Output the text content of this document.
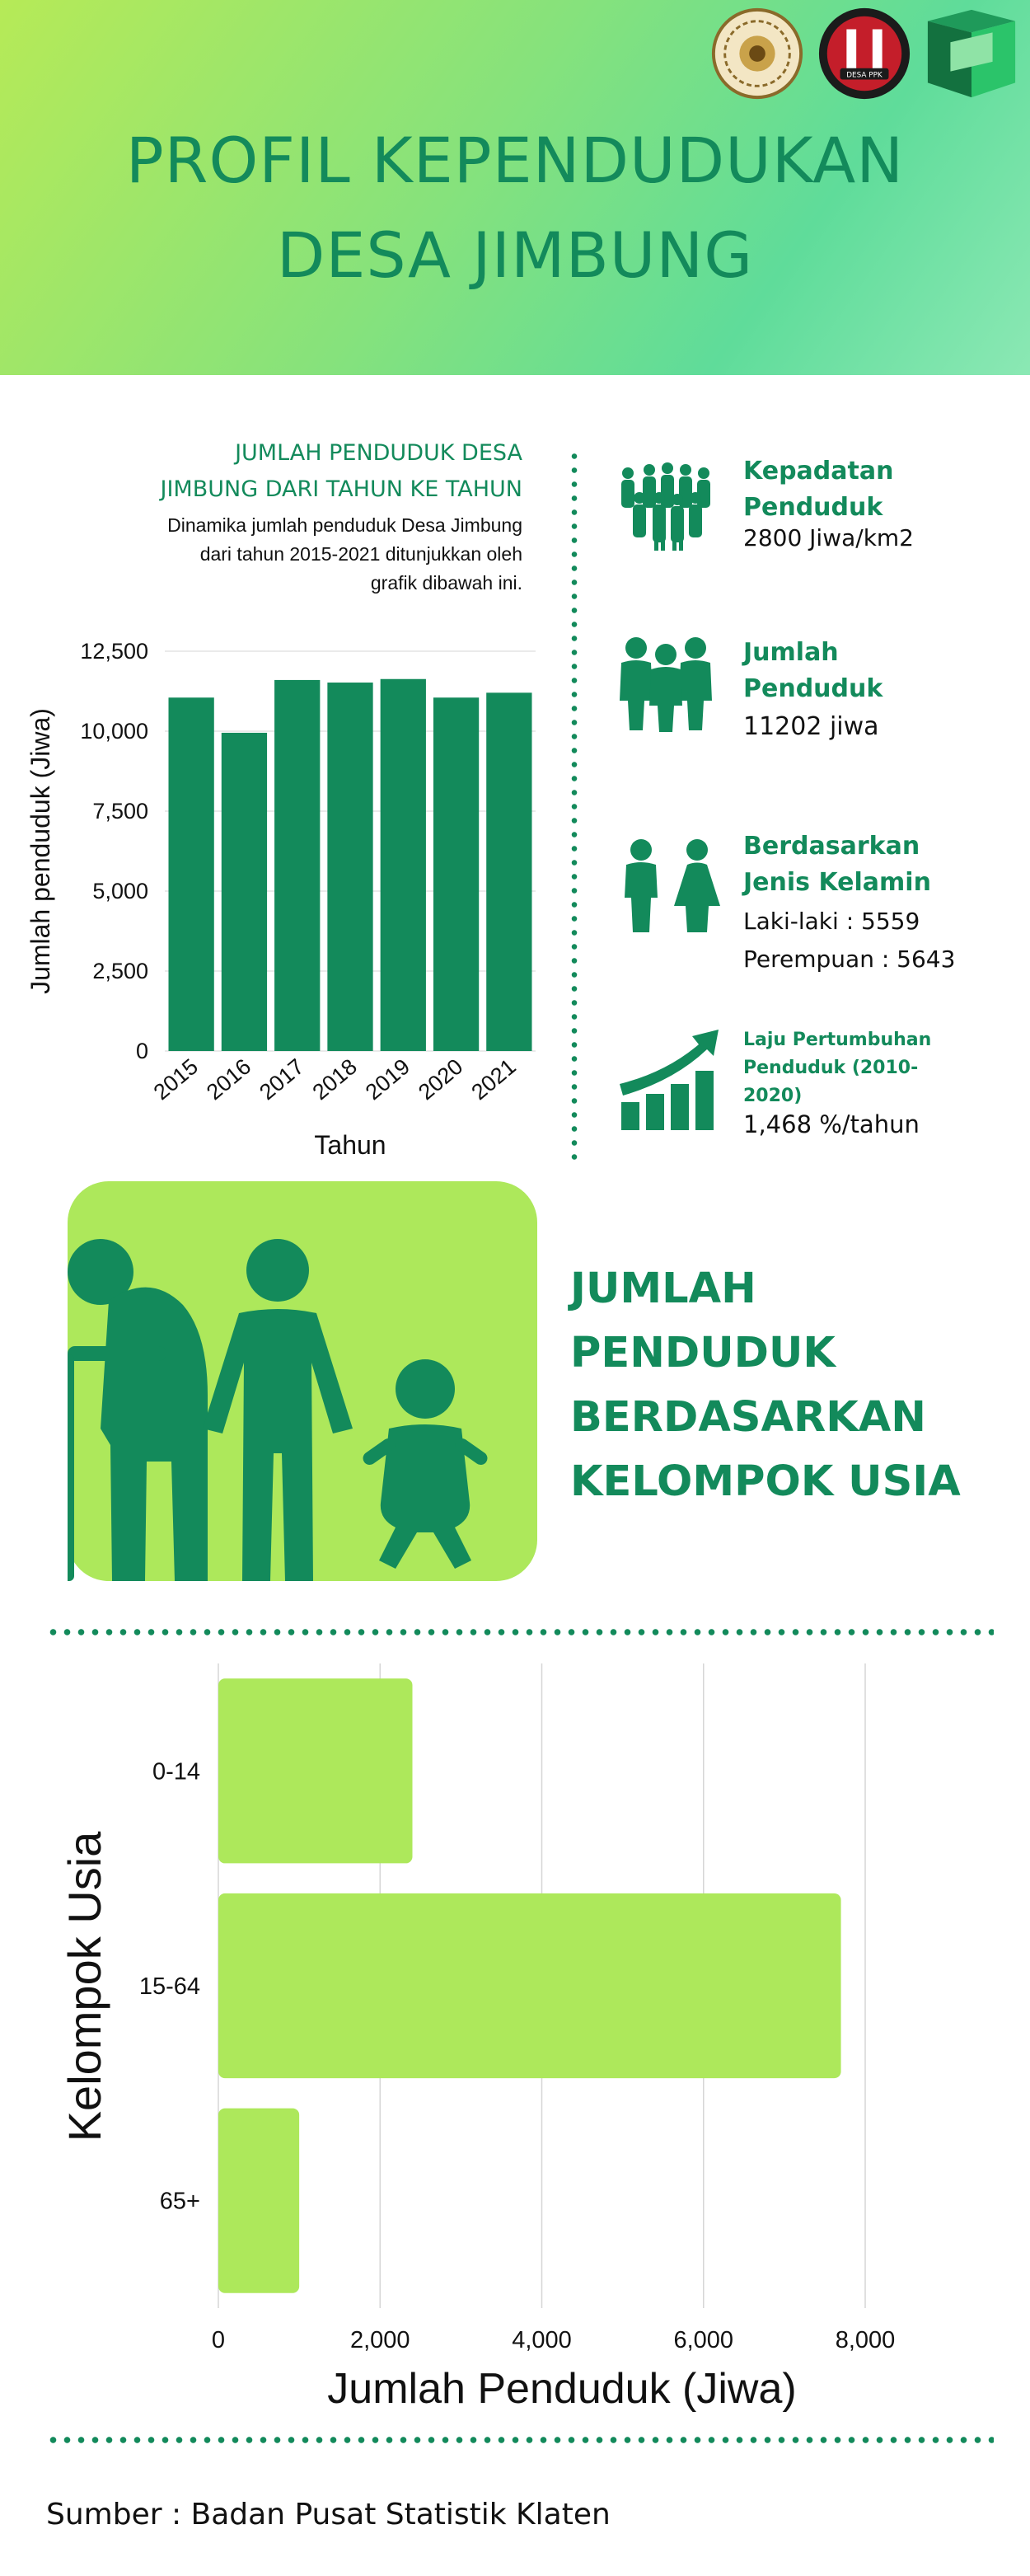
DESA PPK
PROFIL KEPENDUDUKAN
DESA JIMBUNG
JUMLAH PENDUDUK DESA
JIMBUNG DARI TAHUN KE TAHUN
Dinamika jumlah penduduk Desa Jimbung
dari tahun 2015-2021 ditunjukkan oleh
grafik dibawah ini.
0
2,500
5,000
7,500
10,000
12,500
2015
2016
2017
2018
2019
2020
2021
Tahun
Jumlah penduduk (Jiwa)
Kepadatan
Penduduk
2800 Jiwa/km2
Jumlah
Penduduk
11202 jiwa
Berdasarkan
Jenis Kelamin
Laki-laki : 5559
Perempuan : 5643
Laju Pertumbuhan
Penduduk (2010-
2020)
1,468 %/tahun
JUMLAH
PENDUDUK
BERDASARKAN
KELOMPOK USIA
0	2,000	4,000	6,000	8,000
0-14
15-64
65+
Jumlah Penduduk (Jiwa)
Kelompok Usia
Sumber : Badan Pusat Statistik Klaten
